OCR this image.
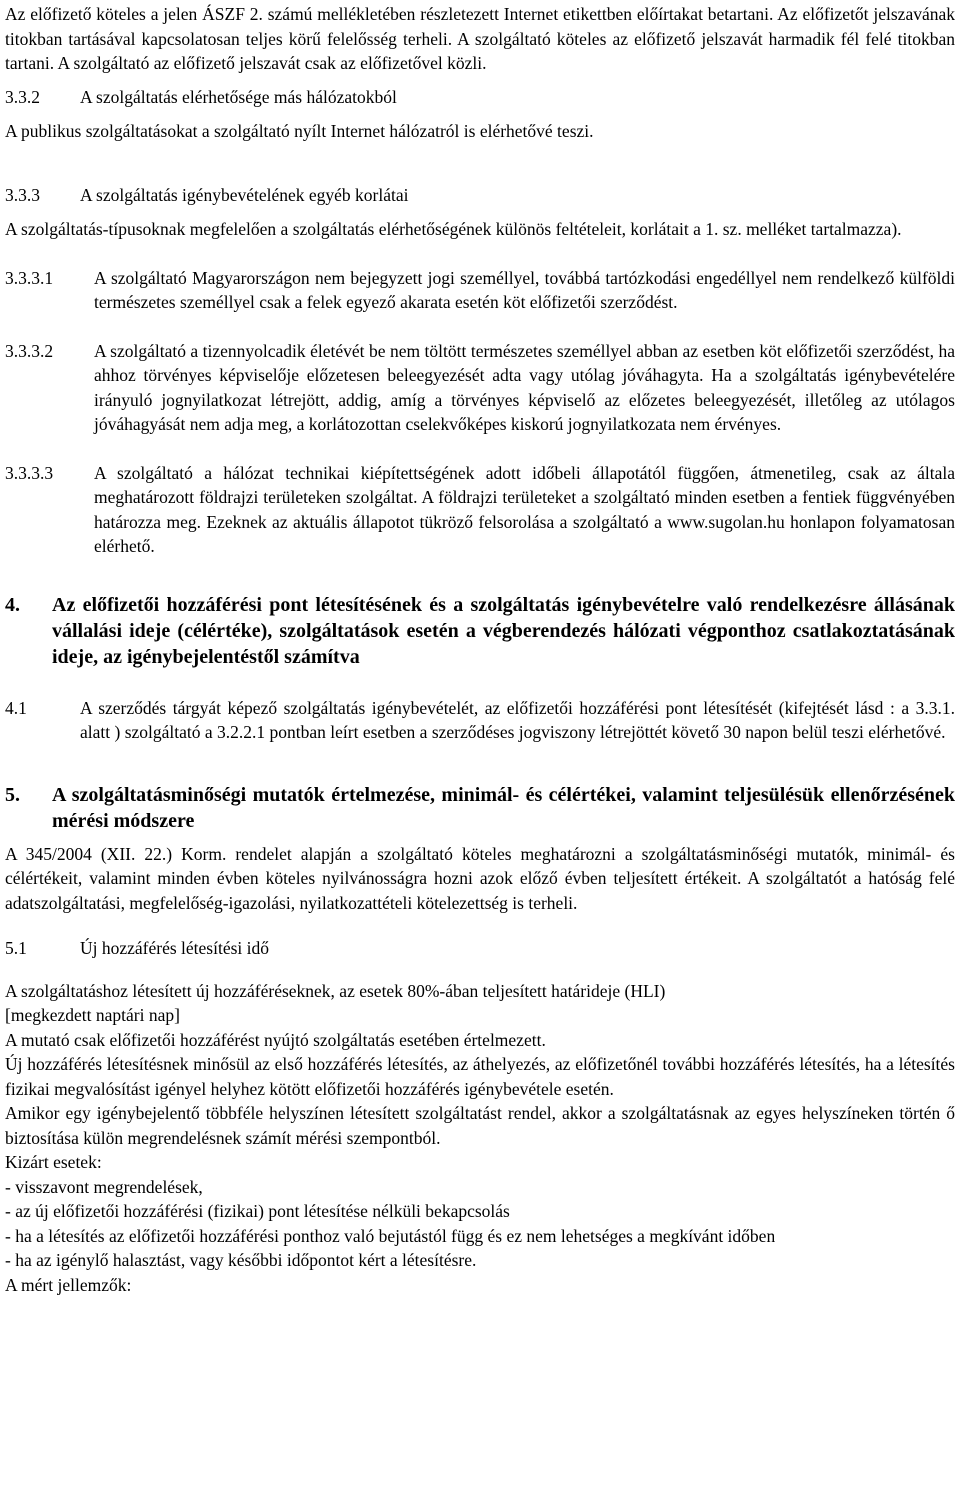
Az előfizető köteles a jelen ÁSZF 2. számú mellékletében részletezett Internet etikettben előírtakat betartani. Az előfizetőt jelszavának titokban tartásával kapcsolatosan teljes körű felelősség terheli. A szolgáltató köteles az előfizető jelszavát harmadik fél felé titokban tartani. A szolgáltató az előfizető jelszavát csak az előfizetővel közli.

3.3.2	A szolgáltatás elérhetősége más hálózatokból

A publikus szolgáltatásokat a szolgáltató nyílt Internet hálózatról is elérhetővé teszi.

3.3.3	A szolgáltatás igénybevételének egyéb korlátai

A szolgáltatás-típusoknak megfelelően a szolgáltatás elérhetőségének különös feltételeit, korlátait a 1. sz. melléket tartalmazza).

3.3.3.1	A szolgáltató Magyarországon nem bejegyzett jogi személlyel, továbbá tartózkodási engedéllyel nem rendelkező külföldi természetes személlyel csak a felek egyező akarata esetén köt előfizetői szerződést.
3.3.3.2	A szolgáltató a tizennyolcadik életévét be nem töltött természetes személlyel abban az esetben köt előfizetői szerződést, ha ahhoz törvényes képviselője előzetesen beleegyezését adta vagy utólag jóváhagyta. Ha a szolgáltatás igénybevételére irányuló jognyilatkozat létrejött, addig, amíg a törvényes képviselő az előzetes beleegyezését, illetőleg az utólagos jóváhagyását nem adja meg, a korlátozottan cselekvőképes kiskorú jognyilatkozata nem érvényes.
3.3.3.3	A szolgáltató a hálózat technikai kiépítettségének adott időbeli állapotától függően, átmenetileg, csak az általa meghatározott földrajzi területeken szolgáltat. A földrajzi területeket a szolgáltató minden esetben a fentiek függvényében határozza meg. Ezeknek az aktuális állapotot tükröző felsorolása a szolgáltató a www.sugolan.hu honlapon folyamatosan elérhető.
4.	Az előfizetői hozzáférési pont létesítésének és a szolgáltatás igénybevételre való rendelkezésre állásának vállalási ideje (célértéke), szolgáltatások esetén a végberendezés hálózati végponthoz csatlakoztatásának ideje, az igénybejelentéstől számítva
4.1	A szerződés tárgyát képező szolgáltatás igénybevételét, az előfizetői hozzáférési pont létesítését (kifejtését lásd : a 3.3.1. alatt ) szolgáltató a 3.2.2.1 pontban leírt esetben a szerződéses jogviszony létrejöttét követő 30 napon belül teszi elérhetővé.
5.	A szolgáltatásminőségi mutatók értelmezése, minimál- és célértékei, valamint teljesülésük ellenőrzésének mérési módszere

A 345/2004 (XII. 22.) Korm. rendelet alapján a szolgáltató köteles meghatározni a szolgáltatásminőségi mutatók, minimál- és célértékeit, valamint minden évben köteles nyilvánosságra hozni azok előző évben teljesített értékeit. A szolgáltatót a hatóság felé adatszolgáltatási, megfelelőség-igazolási, nyilatkozattételi kötelezettség is terheli.

5.1	Új hozzáférés létesítési idő

A szolgáltatáshoz létesített új hozzáféréseknek, az esetek 80%-ában teljesített határideje (HLI)

[megkezdett naptári nap]

A mutató csak előfizetői hozzáférést nyújtó szolgáltatás esetében értelmezett.

Új hozzáférés létesítésnek minősül az első hozzáférés létesítés, az áthelyezés, az előfizetőnél további hozzáférés létesítés, ha a létesítés fizikai megvalósítást igényel helyhez kötött előfizetői hozzáférés igénybevétele esetén.

Amikor egy igénybejelentő többféle helyszínen létesített szolgáltatást rendel, akkor a szolgáltatásnak az egyes helyszíneken történ ő biztosítása külön megrendelésnek számít mérési szempontból.

Kizárt esetek:

- visszavont megrendelések,

- az új előfizetői hozzáférési (fizikai) pont létesítése nélküli bekapcsolás

- ha a létesítés az előfizetői hozzáférési ponthoz való bejutástól függ és ez nem lehetséges a megkívánt időben

- ha az igénylő halasztást, vagy későbbi időpontot kért a létesítésre.

A mért jellemzők:
